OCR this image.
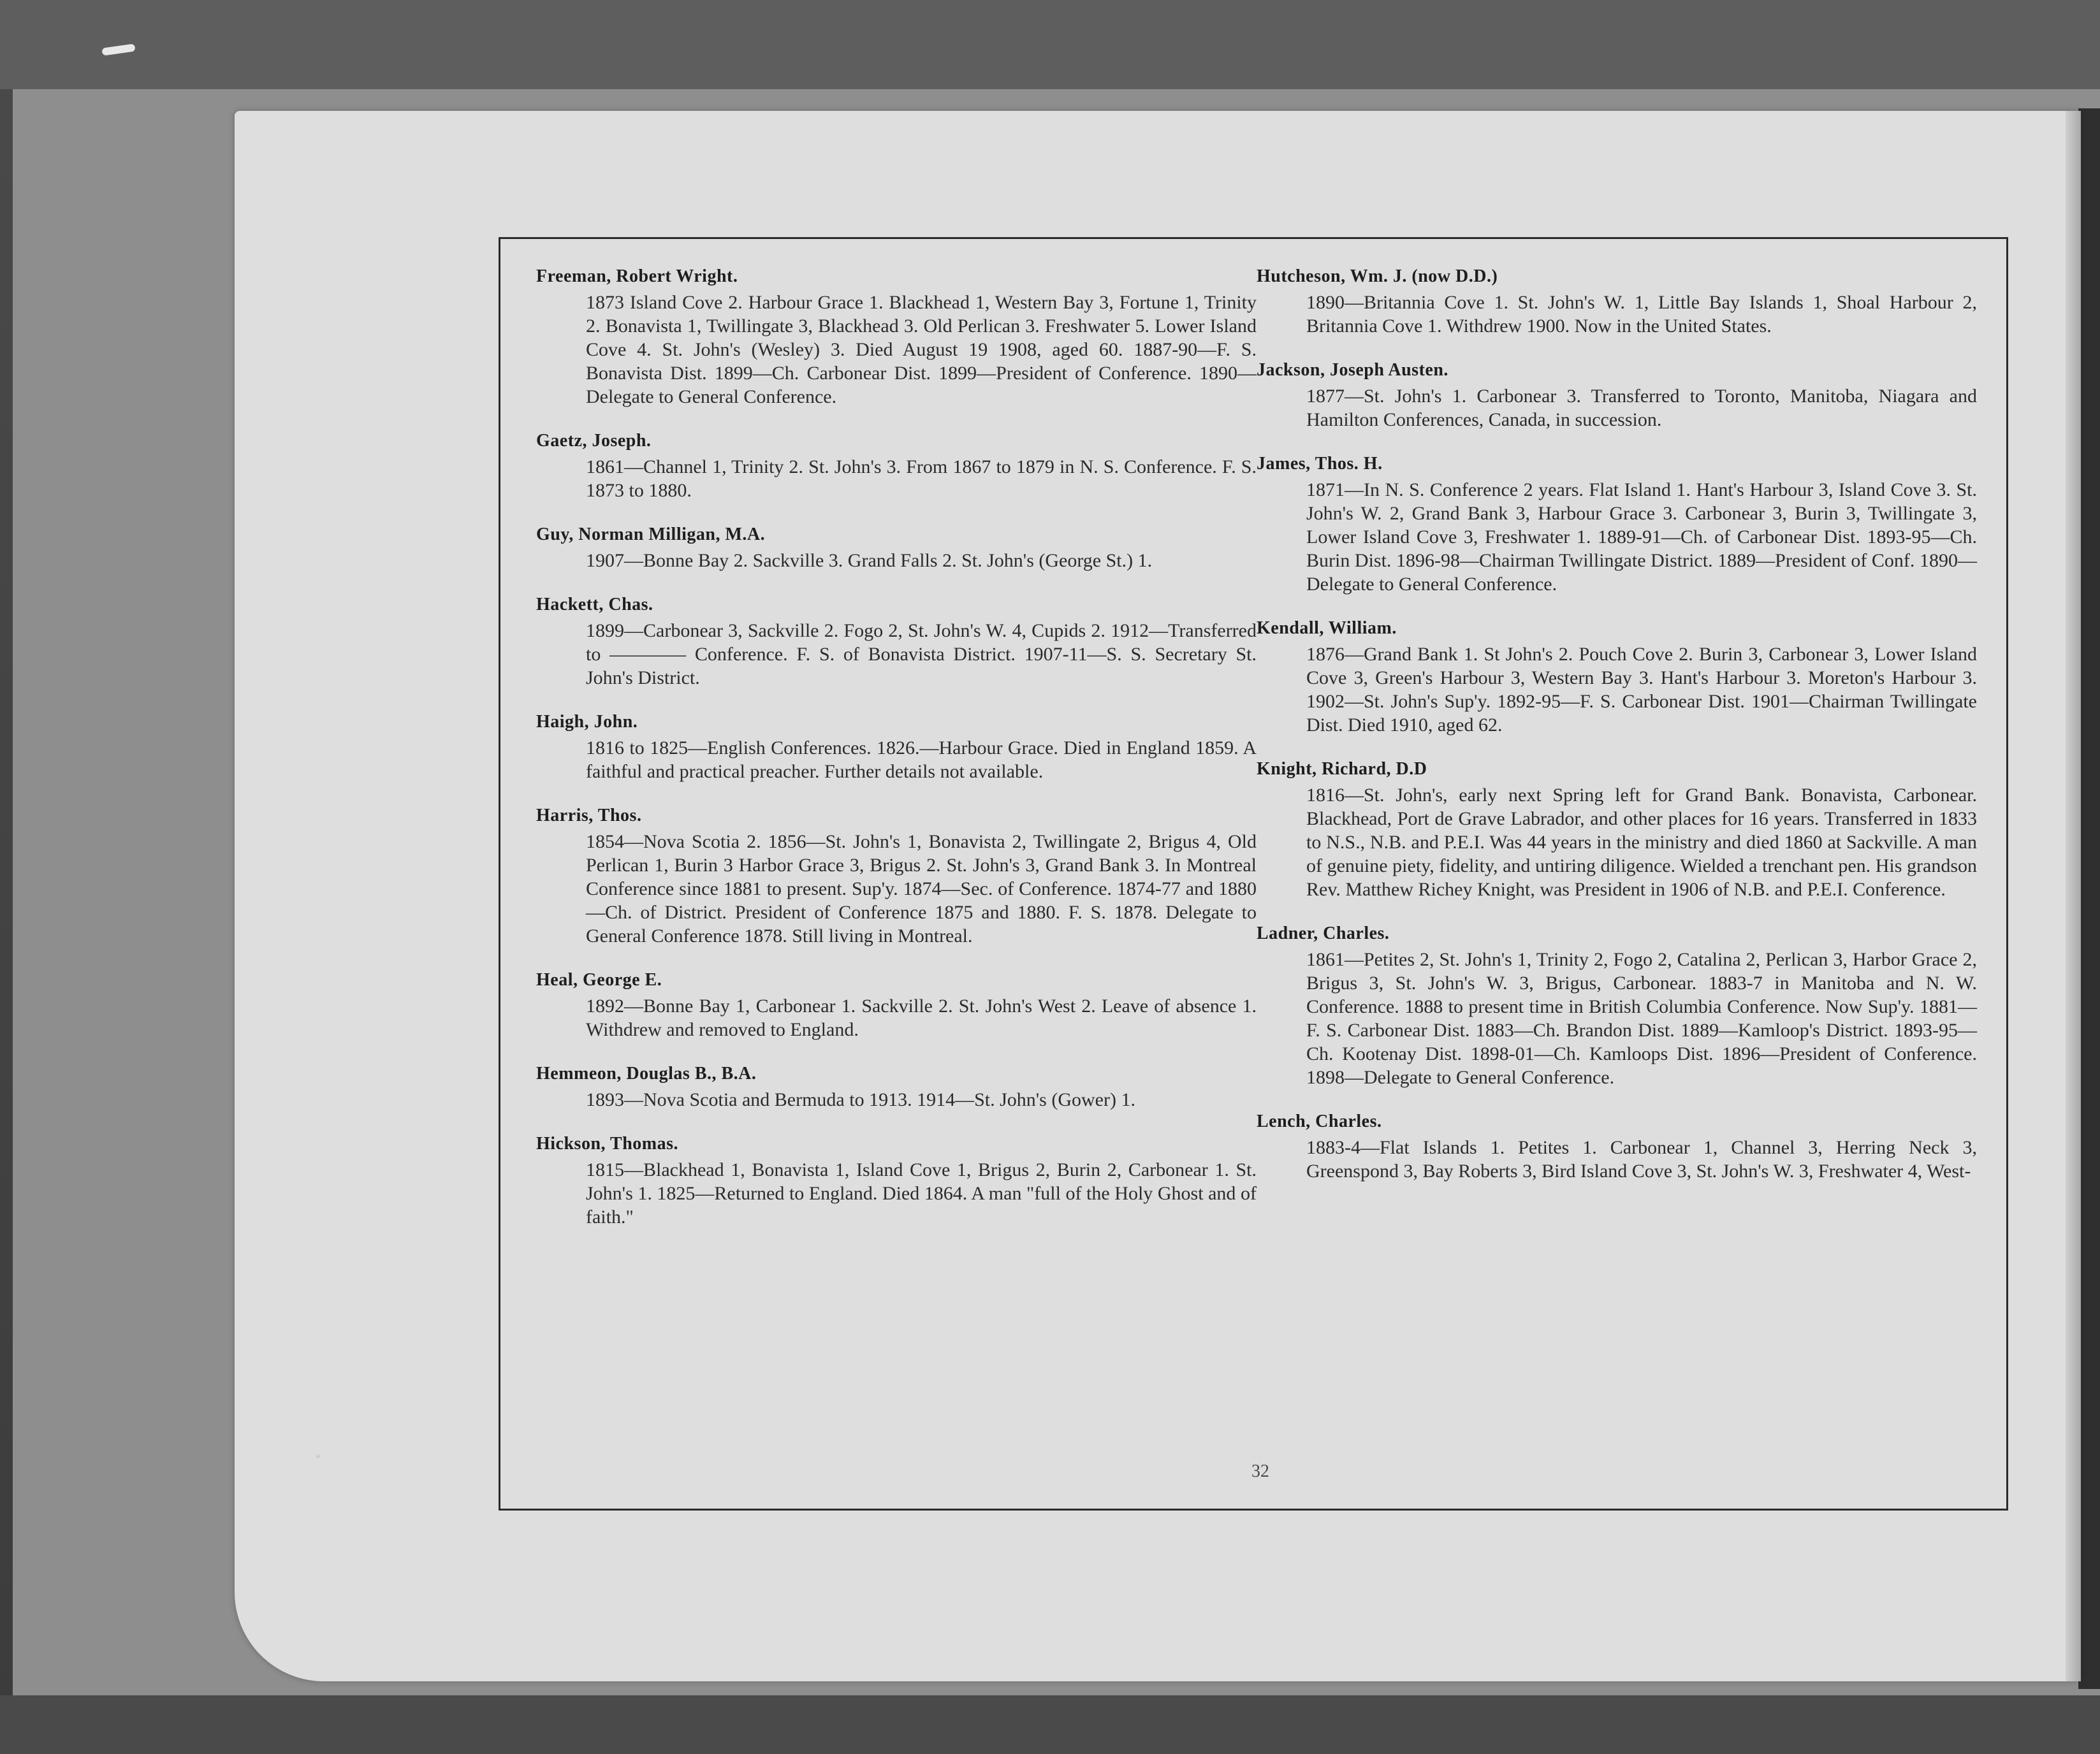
Freeman, Robert Wright.
1873 Island Cove 2. Harbour Grace 1. Blackhead 1, Western Bay 3, Fortune 1, Trinity 2. Bonavista 1, Twillingate 3, Blackhead 3. Old Perlican 3. Freshwater 5. Lower Island Cove 4. St. John's (Wesley) 3. Died August 19 1908, aged 60. 1887-90—F. S. Bonavista Dist. 1899—Ch. Carbonear Dist. 1899—President of Conference. 1890—Delegate to General Conference.
Gaetz, Joseph.
1861—Channel 1, Trinity 2. St. John's 3. From 1867 to 1879 in N. S. Conference. F. S. 1873 to 1880.
Guy, Norman Milligan, M.A.
1907—Bonne Bay 2. Sackville 3. Grand Falls 2. St. John's (George St.) 1.
Hackett, Chas.
1899—Carbonear 3, Sackville 2. Fogo 2, St. John's W. 4, Cupids 2. 1912—Transferred to ———— Conference. F. S. of Bonavista District. 1907-11—S. S. Secretary St. John's District.
Haigh, John.
1816 to 1825—English Conferences. 1826.—Harbour Grace. Died in England 1859. A faithful and practical preacher. Further details not available.
Harris, Thos.
1854—Nova Scotia 2. 1856—St. John's 1, Bonavista 2, Twillingate 2, Brigus 4, Old Perlican 1, Burin 3 Harbor Grace 3, Brigus 2. St. John's 3, Grand Bank 3. In Montreal Conference since 1881 to present. Sup'y. 1874—Sec. of Conference. 1874-77 and 1880—Ch. of District. President of Conference 1875 and 1880. F. S. 1878. Delegate to General Conference 1878. Still living in Montreal.
Heal, George E.
1892—Bonne Bay 1, Carbonear 1. Sackville 2. St. John's West 2. Leave of absence 1. Withdrew and removed to England.
Hemmeon, Douglas B., B.A.
1893—Nova Scotia and Bermuda to 1913. 1914—St. John's (Gower) 1.
Hickson, Thomas.
1815—Blackhead 1, Bonavista 1, Island Cove 1, Brigus 2, Burin 2, Carbonear 1. St. John's 1. 1825—Returned to England. Died 1864. A man "full of the Holy Ghost and of faith."
Hutcheson, Wm. J. (now D.D.)
1890—Britannia Cove 1. St. John's W. 1, Little Bay Islands 1, Shoal Harbour 2, Britannia Cove 1. Withdrew 1900. Now in the United States.
Jackson, Joseph Austen.
1877—St. John's 1. Carbonear 3. Transferred to Toronto, Manitoba, Niagara and Hamilton Conferences, Canada, in succession.
James, Thos. H.
1871—In N. S. Conference 2 years. Flat Island 1. Hant's Harbour 3, Island Cove 3. St. John's W. 2, Grand Bank 3, Harbour Grace 3. Carbonear 3, Burin 3, Twillingate 3, Lower Island Cove 3, Freshwater 1. 1889-91—Ch. of Carbonear Dist. 1893-95—Ch. Burin Dist. 1896-98—Chairman Twillingate District. 1889—President of Conf. 1890—Delegate to General Conference.
Kendall, William.
1876—Grand Bank 1. St John's 2. Pouch Cove 2. Burin 3, Carbonear 3, Lower Island Cove 3, Green's Harbour 3, Western Bay 3. Hant's Harbour 3. Moreton's Harbour 3. 1902—St. John's Sup'y. 1892-95—F. S. Carbonear Dist. 1901—Chairman Twillingate Dist. Died 1910, aged 62.
Knight, Richard, D.D
1816—St. John's, early next Spring left for Grand Bank. Bonavista, Carbonear. Blackhead, Port de Grave Labrador, and other places for 16 years. Transferred in 1833 to N.S., N.B. and P.E.I. Was 44 years in the ministry and died 1860 at Sackville. A man of genuine piety, fidelity, and untiring diligence. Wielded a trenchant pen. His grandson Rev. Matthew Richey Knight, was President in 1906 of N.B. and P.E.I. Conference.
Ladner, Charles.
1861—Petites 2, St. John's 1, Trinity 2, Fogo 2, Catalina 2, Perlican 3, Harbor Grace 2, Brigus 3, St. John's W. 3, Brigus, Carbonear. 1883-7 in Manitoba and N. W. Conference. 1888 to present time in British Columbia Conference. Now Sup'y. 1881—F. S. Carbonear Dist. 1883—Ch. Brandon Dist. 1889—Kamloop's District. 1893-95—Ch. Kootenay Dist. 1898-01—Ch. Kamloops Dist. 1896—President of Conference. 1898—Delegate to General Conference.
Lench, Charles.
1883-4—Flat Islands 1. Petites 1. Carbonear 1, Channel 3, Herring Neck 3, Greenspond 3, Bay Roberts 3, Bird Island Cove 3, St. John's W. 3, Freshwater 4, West-
32
